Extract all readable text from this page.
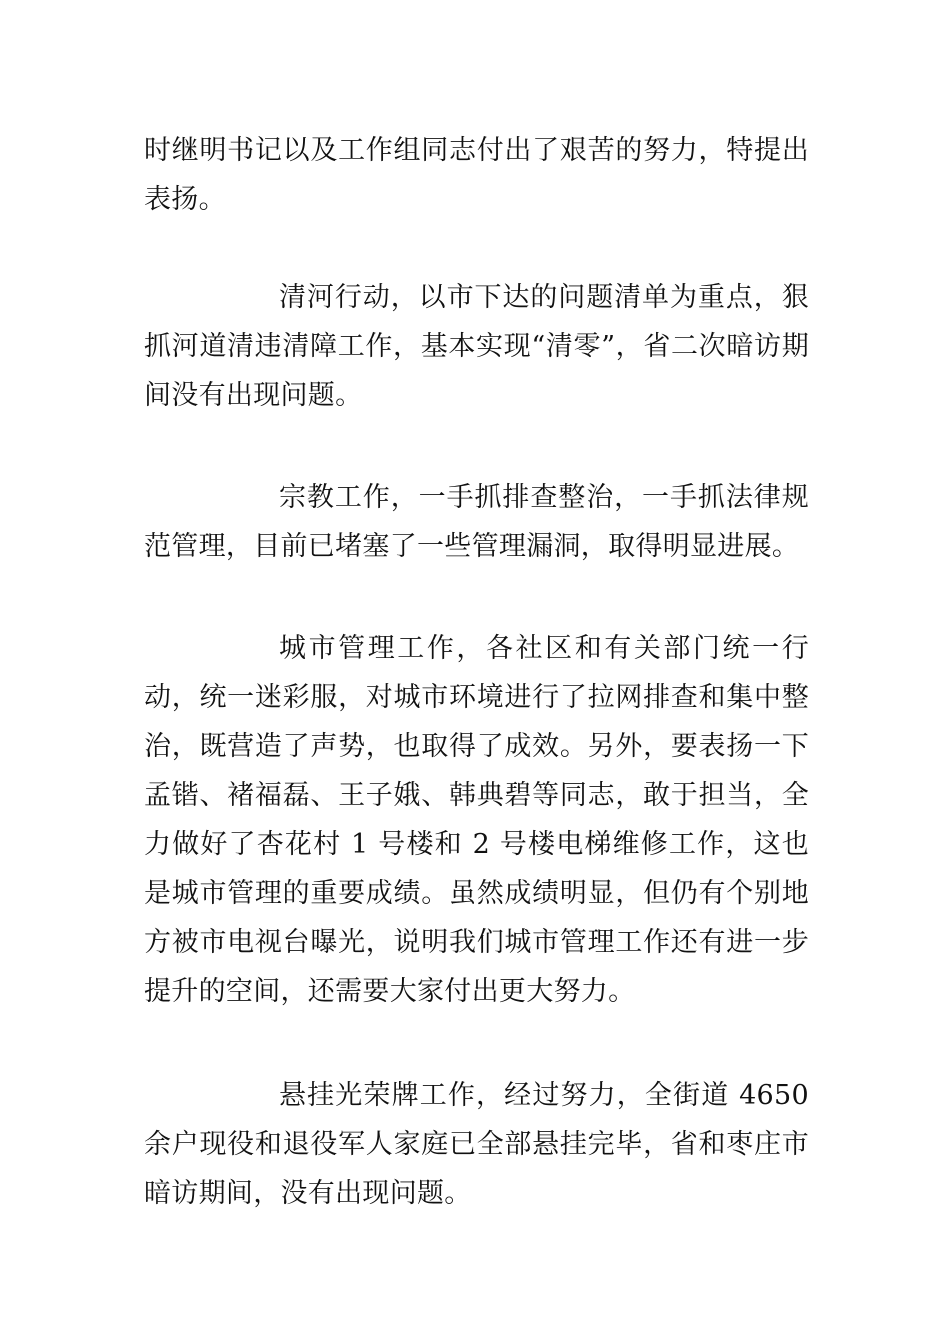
时继明书记以及工作组同志付出了艰苦的努力，特提出表扬。

清河行动，以市下达的问题清单为重点，狠抓河道清违清障工作，基本实现“清零”，省二次暗访期间没有出现问题。

宗教工作，一手抓排查整治，一手抓法律规范管理，目前已堵塞了一些管理漏洞，取得明显进展。

城市管理工作，各社区和有关部门统一行动，统一迷彩服，对城市环境进行了拉网排查和集中整治，既营造了声势，也取得了成效。另外，要表扬一下孟锴、褚福磊、王子娥、韩典碧等同志，敢于担当，全力做好了杏花村 1 号楼和 2 号楼电梯维修工作，这也是城市管理的重要成绩。虽然成绩明显，但仍有个别地方被市电视台曝光，说明我们城市管理工作还有进一步提升的空间，还需要大家付出更大努力。

悬挂光荣牌工作，经过努力，全街道 4650 余户现役和退役军人家庭已全部悬挂完毕，省和枣庄市暗访期间，没有出现问题。
